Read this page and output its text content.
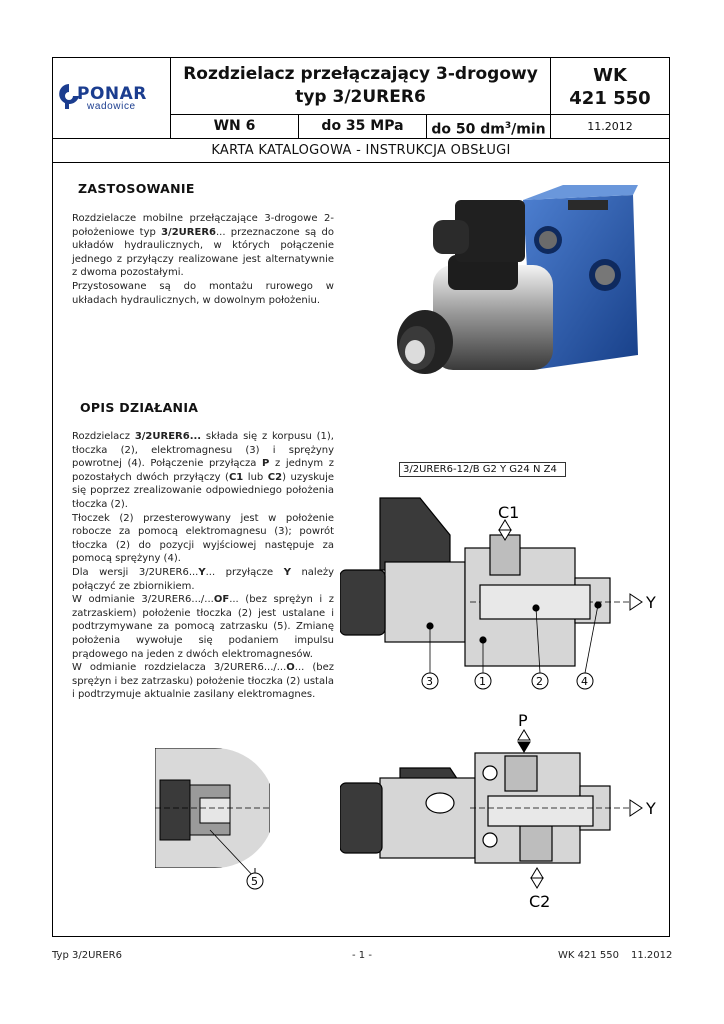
PONAR
wadowice
Rozdzielacz przełączający 3-drogowy
typ 3/2URER6
WK
421 550
WN 6	do 35 MPa	do 50 $dm^3/\min$	11.2012
KARTA KATALOGOWA - INSTRUKCJA OBSŁUGI
ZASTOSOWANIE

Rozdzielacze mobilne przełączające 3-drogowe 2-położeniowe typ 3/2URER6... przeznaczone są do układów hydraulicznych, w których połączenie jednego z przyłączy realizowane jest alternatywnie z dwoma pozostałymi.

Przystosowane są do montażu rurowego w układach hydraulicznych, w dowolnym położeniu.

OPIS DZIAŁANIA

Rozdzielacz 3/2URER6... składa się z korpusu (1), tłoczka (2), elektromagnesu (3) i sprężyny powrotnej (4). Połączenie przyłącza P z jednym z pozostałych dwóch przyłączy (C1 lub C2) uzyskuje się poprzez zrealizowanie odpowiedniego położenia tłoczka (2).

Tłoczek (2) przesterowywany jest w położenie robocze za pomocą elektromagnesu (3); powrót tłoczka (2) do pozycji wyjściowej następuje za pomocą sprężyny (4).

Dla wersji 3/2URER6...Y... przyłącze Y należy połączyć ze zbiornikiem.

W odmianie 3/2URER6.../...OF... (bez sprężyn i z zatrzaskiem) położenie tłoczka (2) jest ustalane i podtrzymywane za pomocą zatrzasku (5). Zmianę położenia wywołuje się podaniem impulsu prądowego na jeden z dwóch elektromagnesów.

W odmianie rozdzielacza 3/2URER6.../...O... (bez sprężyn i bez zatrzasku) położenie tłoczka (2) ustala i podtrzymuje aktualnie zasilany elektromagnes.

3/2URER6-12/B G2 Y G24 N Z4
C1
Y
3	1	2	4
P
Y
C2
5
Typ 3/2URER6	- 1 -	WK 421 550 11.2012
